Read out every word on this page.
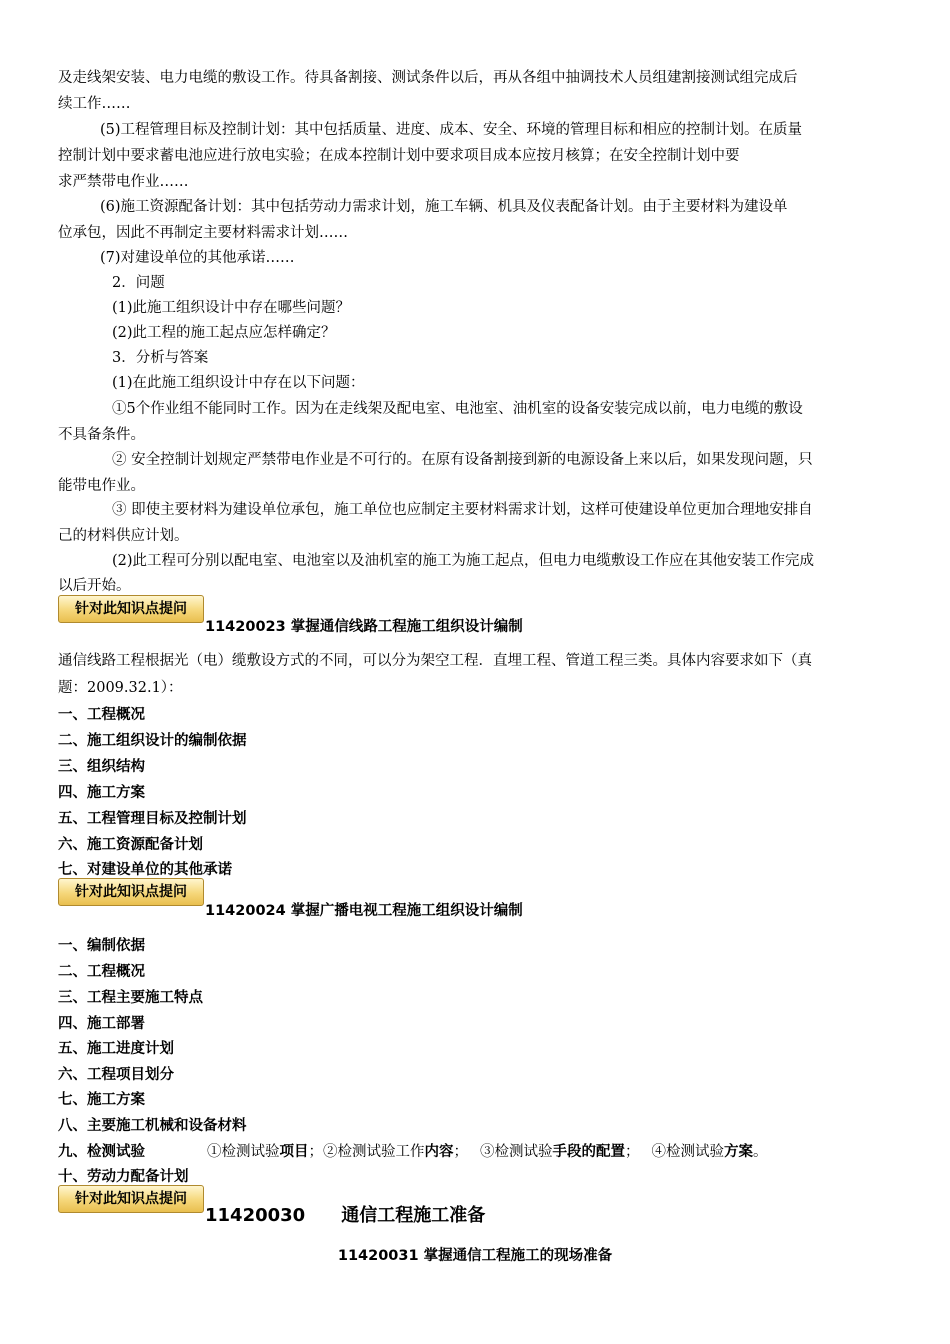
及走线架安装、电力电缆的敷设工作。待具备割接、测试条件以后，再从各组中抽调技术人员组建割接测试组完成后
续工作……
(5)工程管理目标及控制计划：其中包括质量、进度、成本、安全、环境的管理目标和相应的控制计划。在质量
控制计划中要求蓄电池应进行放电实验；在成本控制计划中要求项目成本应按月核算；在安全控制计划中要
求严禁带电作业……
(6)施工资源配备计划：其中包括劳动力需求计划，施工车辆、机具及仪表配备计划。由于主要材料为建设单
位承包，因此不再制定主要材料需求计划……
(7)对建设单位的其他承诺……
2．问题
(1)此施工组织设计中存在哪些问题？
(2)此工程的施工起点应怎样确定？
3．分析与答案
(1)在此施工组织设计中存在以下问题：
①5个作业组不能同时工作。因为在走线架及配电室、电池室、油机室的设备安装完成以前，电力电缆的敷设
不具备条件。
② 安全控制计划规定严禁带电作业是不可行的。在原有设备割接到新的电源设备上来以后，如果发现问题，只
能带电作业。
③ 即使主要材料为建设单位承包，施工单位也应制定主要材料需求计划，这样可使建设单位更加合理地安排自
己的材料供应计划。
(2)此工程可分别以配电室、电池室以及油机室的施工为施工起点，但电力电缆敷设工作应在其他安装工作完成
以后开始。
针对此知识点提问
11420023 掌握通信线路工程施工组织设计编制
通信线路工程根据光（电）缆敷设方式的不同，可以分为架空工程．直埋工程、管道工程三类。具体内容要求如下（真
题：2009.32.1）：
一、工程概况
二、施工组织设计的编制依据
三、组织结构
四、施工方案
五、工程管理目标及控制计划
六、施工资源配备计划
七、对建设单位的其他承诺
针对此知识点提问
11420024 掌握广播电视工程施工组织设计编制
一、编制依据
二、工程概况
三、工程主要施工特点
四、施工部署
五、施工进度计划
六、工程项目划分
七、施工方案
八、主要施工机械和设备材料
九、检测试验	①检测试验项目；②检测试验工作内容； ③检测试验手段的配置； ④检测试验方案。
十、劳动力配备计划
针对此知识点提问
11420030 通信工程施工准备
11420031 掌握通信工程施工的现场准备
